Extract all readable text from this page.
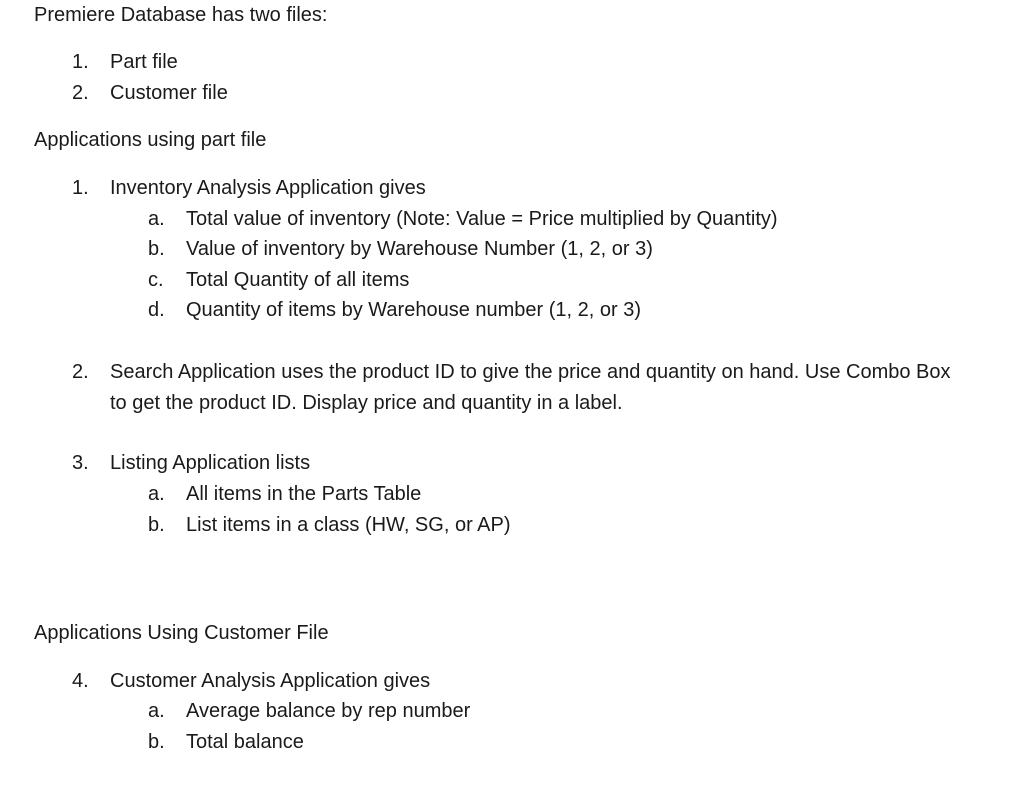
Premiere Database has two files:
1. Part file
2. Customer file
Applications using part file
1. Inventory Analysis Application gives
a. Total value of inventory (Note: Value = Price multiplied by Quantity)
b. Value of inventory by Warehouse Number (1, 2, or 3)
c. Total Quantity of all items
d. Quantity of items by Warehouse number (1, 2, or 3)
2. Search Application uses the product ID to give the price and quantity on hand. Use Combo Box
to get the product ID. Display price and quantity in a label.
3. Listing Application lists
a. All items in the Parts Table
b. List items in a class (HW, SG, or AP)
Applications Using Customer File
4. Customer Analysis Application gives
a. Average balance by rep number
b. Total balance
